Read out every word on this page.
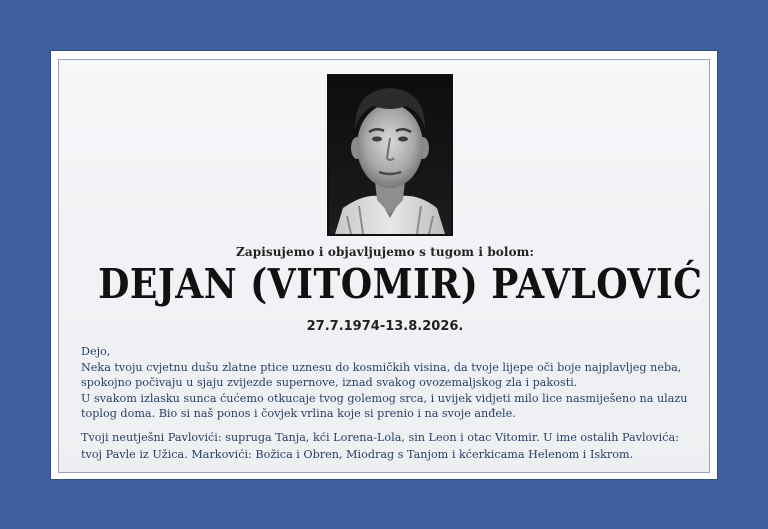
Zapisujemo i objavljujemo s tugom i bolom:
DEJAN (VITOMIR) PAVLOVIĆ
27.7.1974-13.8.2026.
Dejo,
Neka tvoju cvjetnu dušu zlatne ptice uznesu do kosmičkih visina, da tvoje lijepe oči boje najplavljeg neba,
spokojno počivaju u sjaju zvijezde supernove, iznad svakog ovozemaljskog zla i pakosti.
U svakom izlasku sunca ćućemo otkucaje tvog golemog srca, i uvijek vidjeti milo lice nasmiješeno na ulazu
toplog doma. Bio si naš ponos i čovjek vrlina koje si prenio i na svoje anđele.
Tvoji neutješni Pavlovići: supruga Tanja, kći Lorena-Lola, sin Leon i otac Vitomir. U ime ostalih Pavlovića:
tvoj Pavle iz Užica. Markovići: Božica i Obren, Miodrag s Tanjom i kćerkicama Helenom i Iskrom.
